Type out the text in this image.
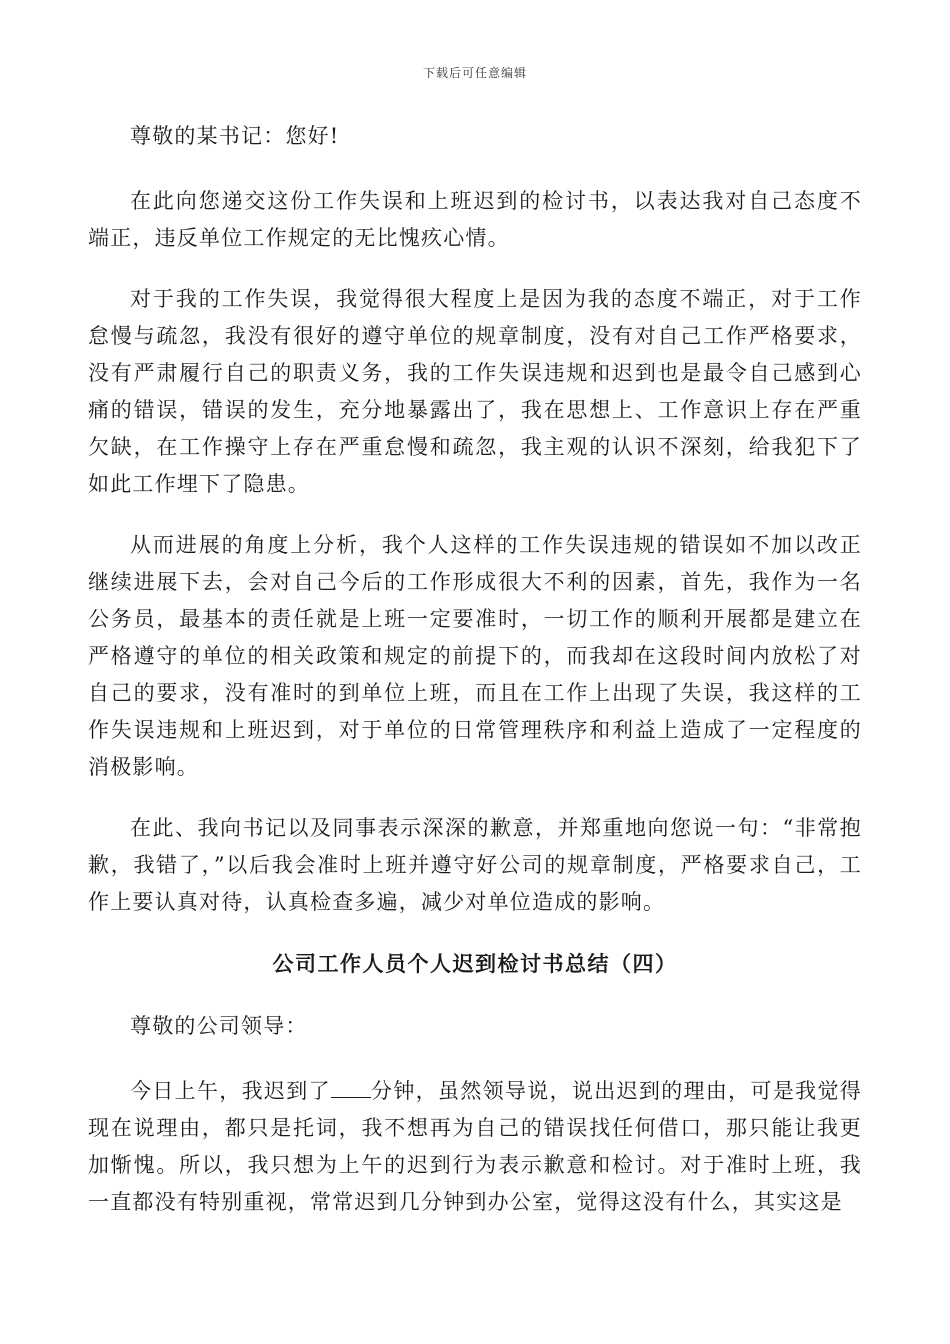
下载后可任意编辑

尊敬的某书记：您好!

在此向您递交这份工作失误和上班迟到的检讨书，以表达我对自己态度不端正，违反单位工作规定的无比愧疚心情。

对于我的工作失误，我觉得很大程度上是因为我的态度不端正，对于工作怠慢与疏忽，我没有很好的遵守单位的规章制度，没有对自己工作严格要求，没有严肃履行自己的职责义务，我的工作失误违规和迟到也是最令自己感到心痛的错误，错误的发生，充分地暴露出了，我在思想上、工作意识上存在严重欠缺，在工作操守上存在严重怠慢和疏忽，我主观的认识不深刻，给我犯下了如此工作埋下了隐患。

从而进展的角度上分析，我个人这样的工作失误违规的错误如不加以改正继续进展下去，会对自己今后的工作形成很大不利的因素，首先，我作为一名公务员，最基本的责任就是上班一定要准时，一切工作的顺利开展都是建立在严格遵守的单位的相关政策和规定的前提下的，而我却在这段时间内放松了对自己的要求，没有准时的到单位上班，而且在工作上出现了失误，我这样的工作失误违规和上班迟到，对于单位的日常管理秩序和利益上造成了一定程度的消极影响。

在此、我向书记以及同事表示深深的歉意，并郑重地向您说一句：“非常抱歉，我错了，”以后我会准时上班并遵守好公司的规章制度，严格要求自己，工作上要认真对待，认真检查多遍，减少对单位造成的影响。

公司工作人员个人迟到检讨书总结（四）

尊敬的公司领导：

今日上午，我迟到了 分钟，虽然领导说，说出迟到的理由，可是我觉得现在说理由，都只是托词，我不想再为自己的错误找任何借口，那只能让我更加惭愧。所以，我只想为上午的迟到行为表示歉意和检讨。对于准时上班，我一直都没有特别重视，常常迟到几分钟到办公室，觉得这没有什么，其实这是
